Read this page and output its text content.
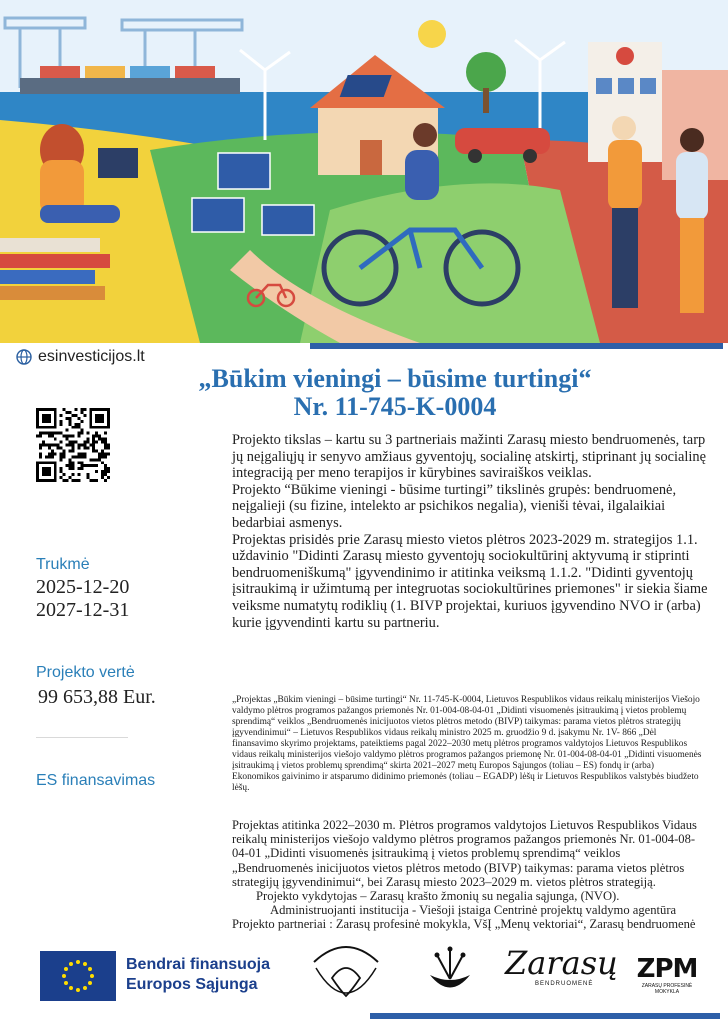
esinvesticijos.lt
„Būkim vieningi – būsime turtingi“
Nr. 11-745-K-0004
Trukmė
2025-12-20
2027-12-31
Projekto vertė
99 653,88 Eur.
ES finansavimas
Projekto tikslas – kartu su 3 partneriais mažinti Zarasų miesto bendruomenės, tarp jų neįgaliųjų ir senyvo amžiaus gyventojų, socialinę atskirtį, stiprinant jų socialinę integraciją per meno terapijos ir kūrybines saviraiškos veiklas.
Projekto “Būkime vieningi - būsime turtingi” tikslinės grupės: bendruomenė, neįgalieji (su fizine, intelekto ar psichikos negalia), vieniši tėvai, ilgalaikiai bedarbiai asmenys.
Projektas prisidės prie Zarasų miesto vietos plėtros 2023-2029 m. strategijos 1.1. uždavinio "Didinti Zarasų miesto gyventojų sociokultūrinį aktyvumą ir stiprinti bendruomeniškumą" įgyvendinimo ir atitinka veiksmą 1.1.2. "Didinti gyventojų įsitraukimą ir užimtumą per integruotas sociokultūrines priemones" ir siekia šiame veiksme numatytų rodiklių (1. BIVP projektai, kuriuos įgyvendino NVO ir (arba) kurie įgyvendinti kartu su partneriu.
„Projektas „Būkim vieningi – būsime turtingi“ Nr. 11-745-K-0004, Lietuvos Respublikos vidaus reikalų ministerijos Viešojo valdymo plėtros programos pažangos priemonės Nr. 01-004-08-04-01 „Didinti visuomenės įsitraukimą į vietos problemų sprendimą“ veiklos „Bendruomenės inicijuotos vietos plėtros metodo (BIVP) taikymas: parama vietos plėtros strategijų įgyvendinimui“ – Lietuvos Respublikos vidaus reikalų ministro 2025 m. gruodžio 9 d. įsakymu Nr. 1V- 866 „Dėl finansavimo skyrimo projektams, pateiktiems pagal 2022–2030 metų plėtros programos valdytojos Lietuvos Respublikos vidaus reikalų ministerijos viešojo valdymo plėtros programos pažangos priemonę Nr. 01-004-08-04-01 „Didinti visuomenės įsitraukimą į vietos problemų sprendimą“ skirta 2021–2027 metų Europos Sąjungos (toliau – ES) fondų ir (arba) Ekonomikos gaivinimo ir atsparumo didinimo priemonės (toliau – EGADP) lėšų ir Lietuvos Respublikos valstybės biudžeto lėšų.
Projektas atitinka 2022–2030 m. Plėtros programos valdytojos Lietuvos Respublikos Vidaus reikalų ministerijos viešojo valdymo plėtros programos pažangos priemonės Nr. 01-004-08-04-01 „Didinti visuomenės įsitraukimą į vietos problemų sprendimą“ veiklos „Bendruomenės inicijuotos vietos plėtros metodo (BIVP) taikymas: parama vietos plėtros strategijų įgyvendinimui“, bei Zarasų miesto 2023–2029 m. vietos plėtros strategiją.
Projekto vykdytojas – Zarasų krašto žmonių su negalia sąjunga, (NVO).
Administruojanti institucija - Viešoji įstaiga Centrinė projektų valdymo agentūra
Projekto partneriai : Zarasų profesinė mokykla, VšĮ „Menų vektoriai“, Zarasų bendruomenė
Bendrai finansuoja
Europos Sąjunga
Zarasų
BENDRUOMENĖ	ZPM
ZARASŲ PROFESINĖ MOKYKLA
